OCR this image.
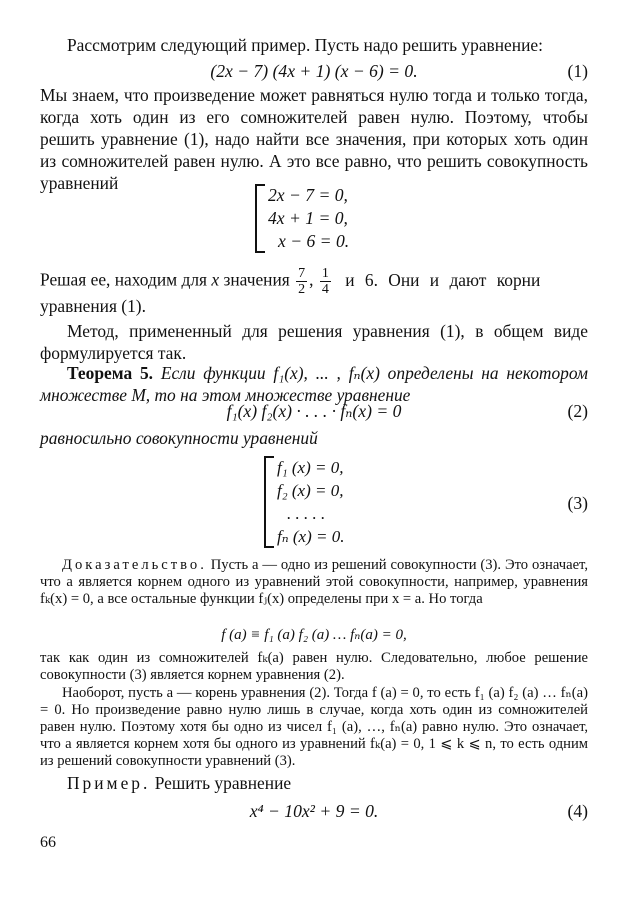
Рассмотрим следующий пример. Пусть надо решить уравнение:

(2x − 7) (4x + 1) (x − 6) = 0.	(1)

Мы знаем, что произведение может равняться нулю тогда и только тогда, когда хоть один из его сомножителей равен нулю. Поэтому, чтобы решить уравнение (1), надо найти все значения, при которых хоть один из сомножителей равен нулю. А это все равно, что решить совокупность уравнений

2x − 7 = 0,
4x + 1 = 0,
x − 6 = 0.
Решая ее, находим для x значения $\frac{7}{2}$ , $\frac{1}{4}$ и 6. Они и дают корни
уравнения (1).

Метод, примененный для решения уравнения (1), в общем виде формулируется так.

Теорема 5. Если функции f₁(x), ... , fₙ(x) определены на некотором множестве M, то на этом множестве уравнение

f₁(x) f₂(x) · . . . · fₙ(x) = 0	(2)

равносильно совокупности уравнений

f₁ (x) = 0,
f₂ (x) = 0,
. . . . .
fₙ (x) = 0.
(3)

Доказательство. Пусть a — одно из решений совокупности (3). Это означает, что a является корнем одного из уравнений этой совокупности, например, уравнения fₖ(x) = 0, а все остальные функции fⱼ(x) определены при x = a. Но тогда

f (a) ≡ f₁ (a) f₂ (a) … fₙ(a) = 0,

так как один из сомножителей fₖ(a) равен нулю. Следовательно, любое решение совокупности (3) является корнем уравнения (2).

Наоборот, пусть a — корень уравнения (2). Тогда f (a) = 0, то есть f₁ (a) f₂ (a) … fₙ(a) = 0. Но произведение равно нулю лишь в случае, когда хоть один из сомножителей равен нулю. Поэтому хотя бы одно из чисел f₁ (a), …, fₙ(a) равно нулю. Это означает, что a является корнем хотя бы одного из уравнений fₖ(a) = 0, 1 ⩽ k ⩽ n, то есть одним из решений совокупности уравнений (3).

Пример. Решить уравнение

x⁴ − 10x² + 9 = 0.	(4)
66
